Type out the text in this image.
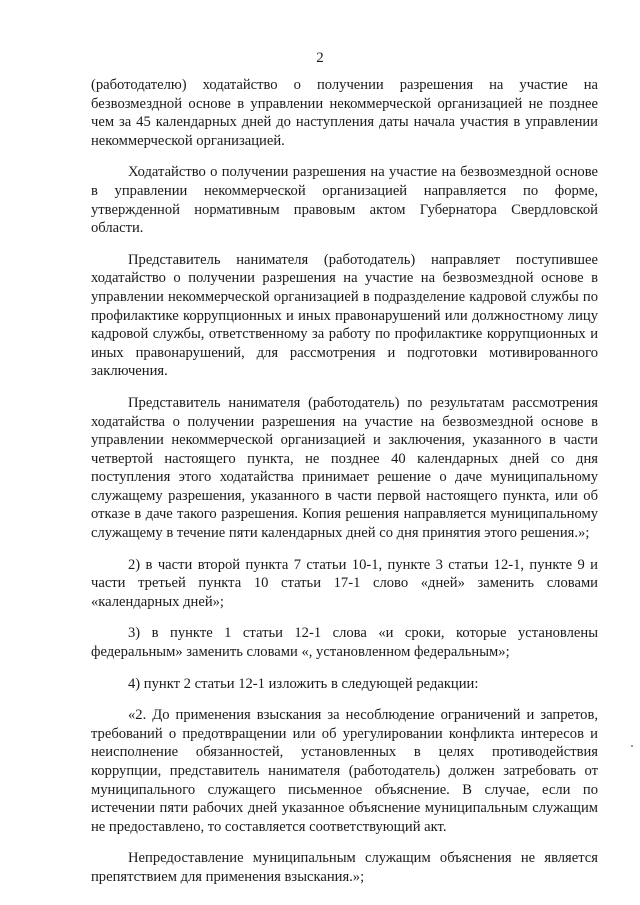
2

(работодателю) ходатайство о получении разрешения на участие на безвозмездной основе в управлении некоммерческой организацией не позднее чем за 45 календарных дней до наступления даты начала участия в управлении некоммерческой организацией.

Ходатайство о получении разрешения на участие на безвозмездной основе в управлении некоммерческой организацией направляется по форме, утвержденной нормативным правовым актом Губернатора Свердловской области.

Представитель нанимателя (работодатель) направляет поступившее ходатайство о получении разрешения на участие на безвозмездной основе в управлении некоммерческой организацией в подразделение кадровой службы по профилактике коррупционных и иных правонарушений или должностному лицу кадровой службы, ответственному за работу по профилактике коррупционных и иных правонарушений, для рассмотрения и подготовки мотивированного заключения.

Представитель нанимателя (работодатель) по результатам рассмотрения ходатайства о получении разрешения на участие на безвозмездной основе в управлении некоммерческой организацией и заключения, указанного в части четвертой настоящего пункта, не позднее 40 календарных дней со дня поступления этого ходатайства принимает решение о даче муниципальному служащему разрешения, указанного в части первой настоящего пункта, или об отказе в даче такого разрешения. Копия решения направляется муниципальному служащему в течение пяти календарных дней со дня принятия этого решения.»;

2) в части второй пункта 7 статьи 10-1, пункте 3 статьи 12-1, пункте 9 и части третьей пункта 10 статьи 17-1 слово «дней» заменить словами «календарных дней»;

3) в пункте 1 статьи 12-1 слова «и сроки, которые установлены федеральным» заменить словами «, установленном федеральным»;

4) пункт 2 статьи 12-1 изложить в следующей редакции:

«2. До применения взыскания за несоблюдение ограничений и запретов, требований о предотвращении или об урегулировании конфликта интересов и неисполнение обязанностей, установленных в целях противодействия коррупции, представитель нанимателя (работодатель) должен затребовать от муниципального служащего письменное объяснение. В случае, если по истечении пяти рабочих дней указанное объяснение муниципальным служащим не предоставлено, то составляется соответствующий акт.

Непредоставление муниципальным служащим объяснения не является препятствием для применения взыскания.»;
